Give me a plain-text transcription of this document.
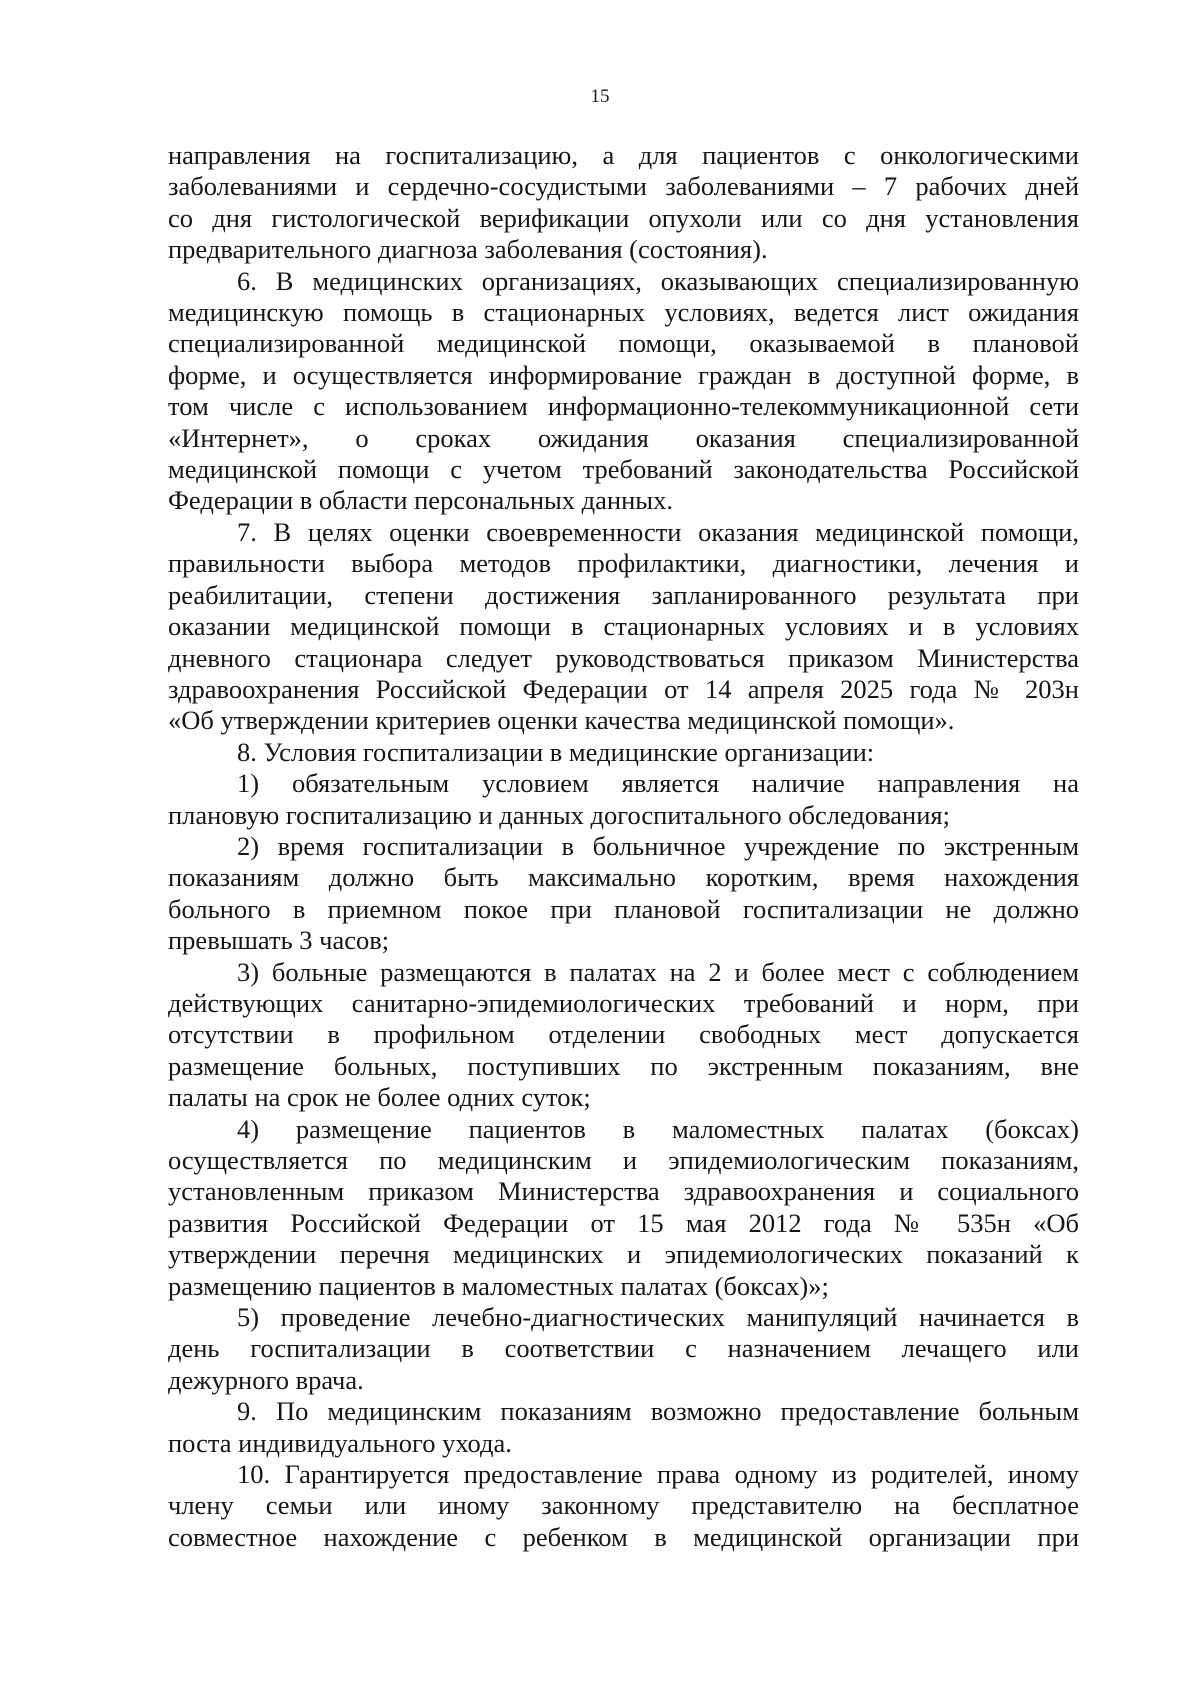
15

направления на госпитализацию, а для пациентов с онкологическими
заболеваниями и сердечно-сосудистыми заболеваниями – 7 рабочих дней
со дня гистологической верификации опухоли или со дня установления
предварительного диагноза заболевания (состояния).

6. В медицинских организациях, оказывающих специализированную
медицинскую помощь в стационарных условиях, ведется лист ожидания
специализированной медицинской помощи, оказываемой в плановой
форме, и осуществляется информирование граждан в доступной форме, в
том числе с использованием информационно-телекоммуникационной сети
«Интернет», о сроках ожидания оказания специализированной
медицинской помощи с учетом требований законодательства Российской
Федерации в области персональных данных.

7. В целях оценки своевременности оказания медицинской помощи,
правильности выбора методов профилактики, диагностики, лечения и
реабилитации, степени достижения запланированного результата при
оказании медицинской помощи в стационарных условиях и в условиях
дневного стационара следует руководствоваться приказом Министерства
здравоохранения Российской Федерации от 14 апреля 2025 года № 203н
«Об утверждении критериев оценки качества медицинской помощи».

8. Условия госпитализации в медицинские организации:

1) обязательным условием является наличие направления на
плановую госпитализацию и данных догоспитального обследования;

2) время госпитализации в больничное учреждение по экстренным
показаниям должно быть максимально коротким, время нахождения
больного в приемном покое при плановой госпитализации не должно
превышать 3 часов;

3) больные размещаются в палатах на 2 и более мест с соблюдением
действующих санитарно-эпидемиологических требований и норм, при
отсутствии в профильном отделении свободных мест допускается
размещение больных, поступивших по экстренным показаниям, вне
палаты на срок не более одних суток;

4) размещение пациентов в маломестных палатах (боксах)
осуществляется по медицинским и эпидемиологическим показаниям,
установленным приказом Министерства здравоохранения и социального
развития Российской Федерации от 15 мая 2012 года № 535н «Об
утверждении перечня медицинских и эпидемиологических показаний к
размещению пациентов в маломестных палатах (боксах)»;

5) проведение лечебно-диагностических манипуляций начинается в
день госпитализации в соответствии с назначением лечащего или
дежурного врача.

9. По медицинским показаниям возможно предоставление больным
поста индивидуального ухода.

10. Гарантируется предоставление права одному из родителей, иному
члену семьи или иному законному представителю на бесплатное
совместное нахождение с ребенком в медицинской организации при
